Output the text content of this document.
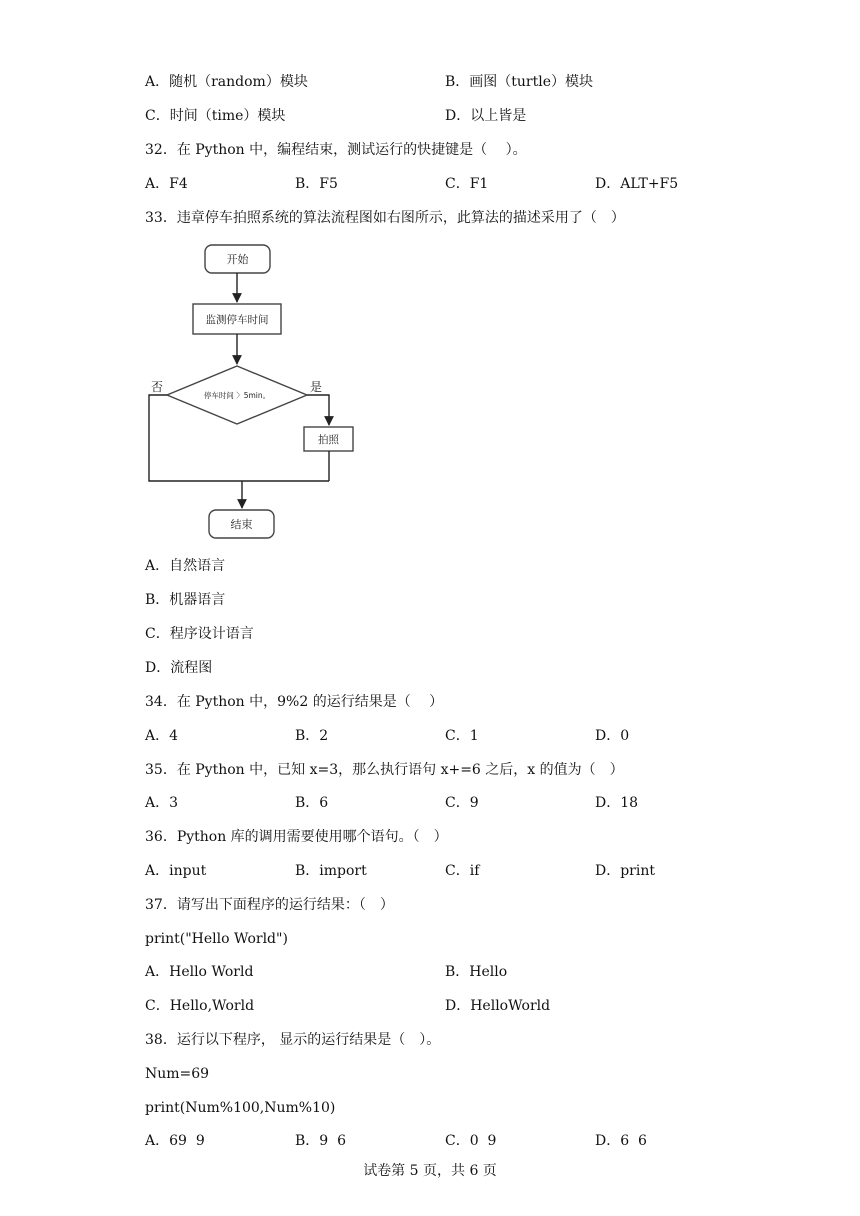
A．随机（random）模块	B．画图（turtle）模块
C．时间（time）模块	D．以上皆是
32．在 Python 中，编程结束，测试运行的快捷键是（　 ）。
A．F4	B．F5	C．F1	D．ALT+F5
33．违章停车拍照系统的算法流程图如右图所示，此算法的描述采用了（　）
开始
监测停车时间
停车时间 〉5min。
是
拍照
否
结束
A．自然语言
B．机器语言
C．程序设计语言
D．流程图
34．在 Python 中，9%2 的运行结果是（　 ）
A．4	B．2	C．1	D．0
35．在 Python 中，已知 x=3，那么执行语句 x+=6 之后，x 的值为（　）
A．3	B．6	C．9	D．18
36．Python 库的调用需要使用哪个语句。（　）
A．input	B．import	C．if	D．print
37．请写出下面程序的运行结果：（　）
print("Hello World")
A．Hello World	B．Hello
C．Hello,World	D．HelloWorld
38．运行以下程序， 显示的运行结果是（　）。
Num=69
print(Num%100,Num%10)
A．69  9	B．9  6	C．0  9	D．6  6
试卷第 5 页，共 6 页
